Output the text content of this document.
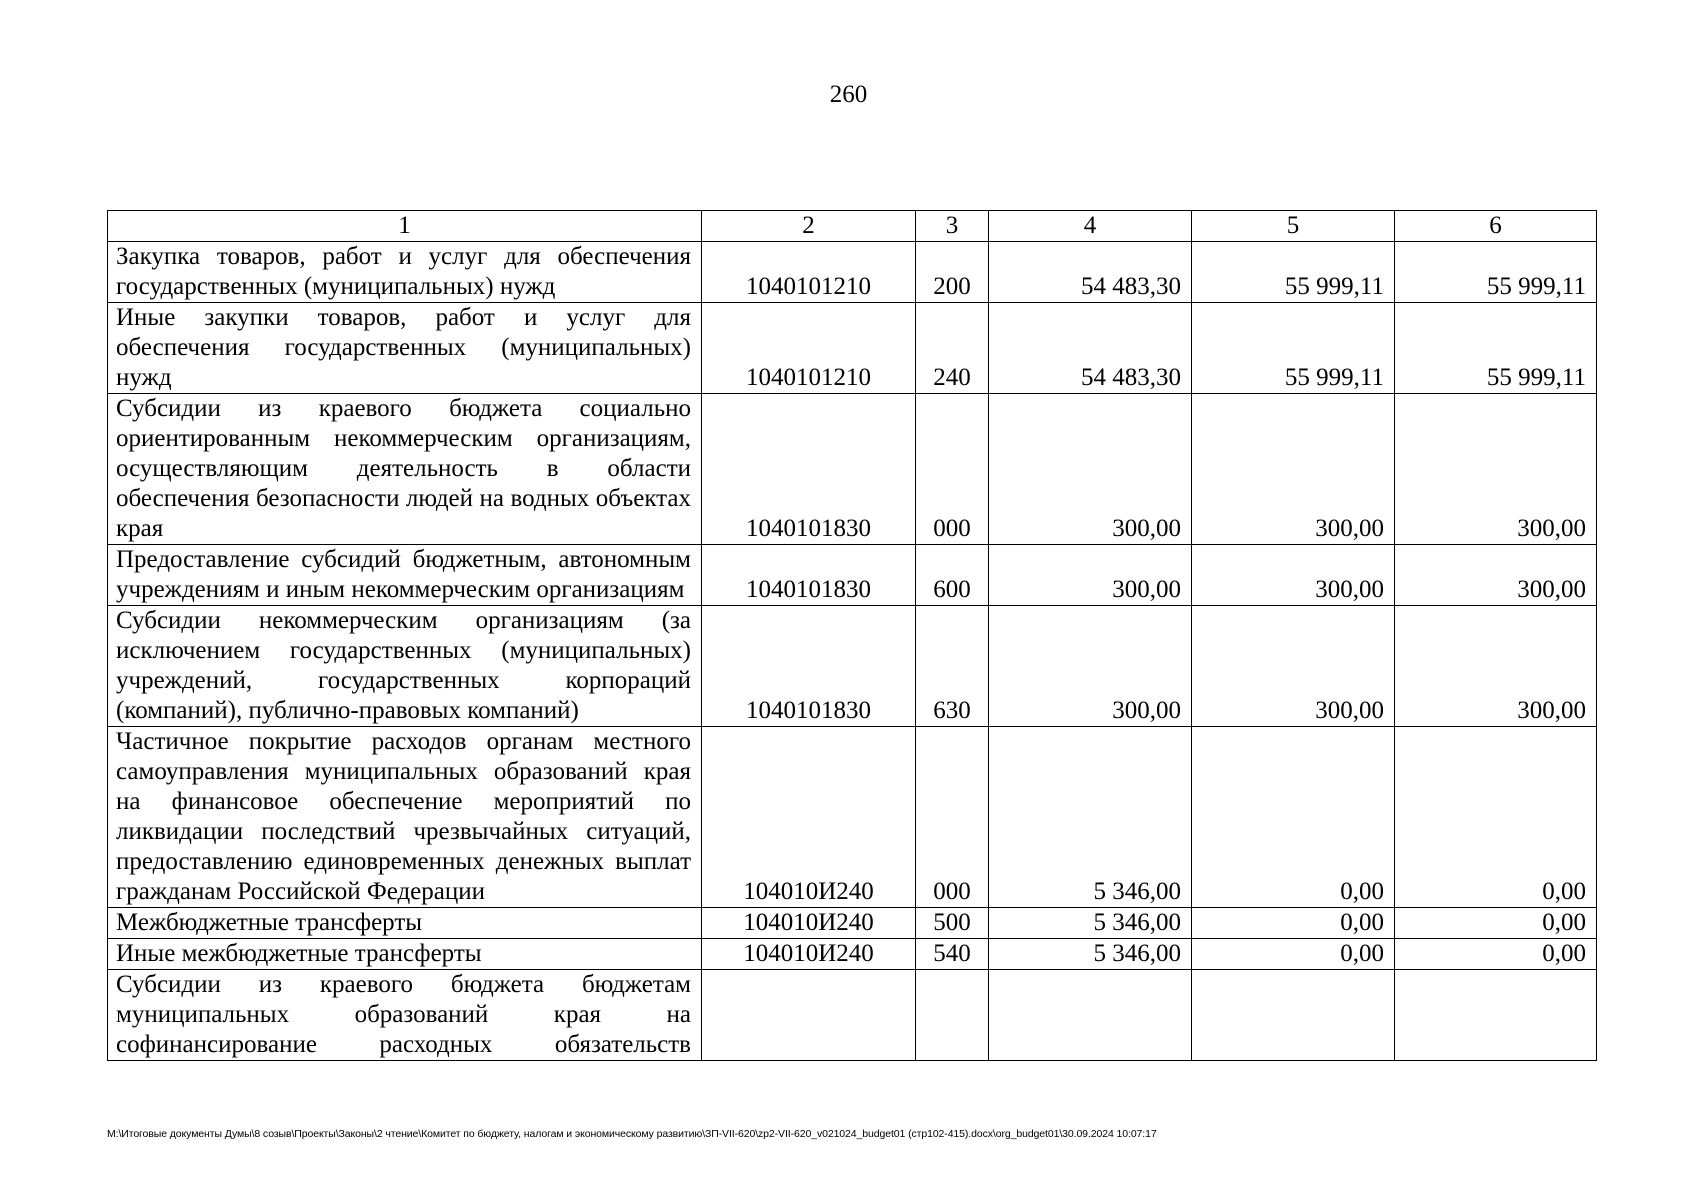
260
1	2	3	4	5	6
Закупка товаров, работ и услуг для обеспечения государственных (муниципальных) нужд	1040101210	200	54 483,30	55 999,11	55 999,11
Иные закупки товаров, работ и услуг для обеспечения государственных (муниципальных) нужд	1040101210	240	54 483,30	55 999,11	55 999,11
Субсидии из краевого бюджета социально ориентированным некоммерческим организациям, осуществляющим деятельность в области обеспечения безопасности людей на водных объектах края	1040101830	000	300,00	300,00	300,00
Предоставление субсидий бюджетным, автономным учреждениям и иным некоммерческим организациям	1040101830	600	300,00	300,00	300,00
Субсидии некоммерческим организациям (за исключением государственных (муниципальных) учреждений, государственных корпораций (компаний), публично-правовых компаний)	1040101830	630	300,00	300,00	300,00
Частичное покрытие расходов органам местного самоуправления муниципальных образований края на финансовое обеспечение мероприятий по ликвидации последствий чрезвычайных ситуаций, предоставлению единовременных денежных выплат гражданам Российской Федерации	104010И240	000	5 346,00	0,00	0,00
Межбюджетные трансферты	104010И240	500	5 346,00	0,00	0,00
Иные межбюджетные трансферты	104010И240	540	5 346,00	0,00	0,00
Субсидии из краевого бюджета бюджетам муниципальных образований края на софинансирование расходных обязательств					
М:\Итоговые документы Думы\8 созыв\Проекты\Законы\2 чтение\Комитет по бюджету, налогам и экономическому развитию\ЗП-VII-620\zp2-VII-620_v021024_budget01 (стр102-415).docx\org_budget01\30.09.2024 10:07:17
